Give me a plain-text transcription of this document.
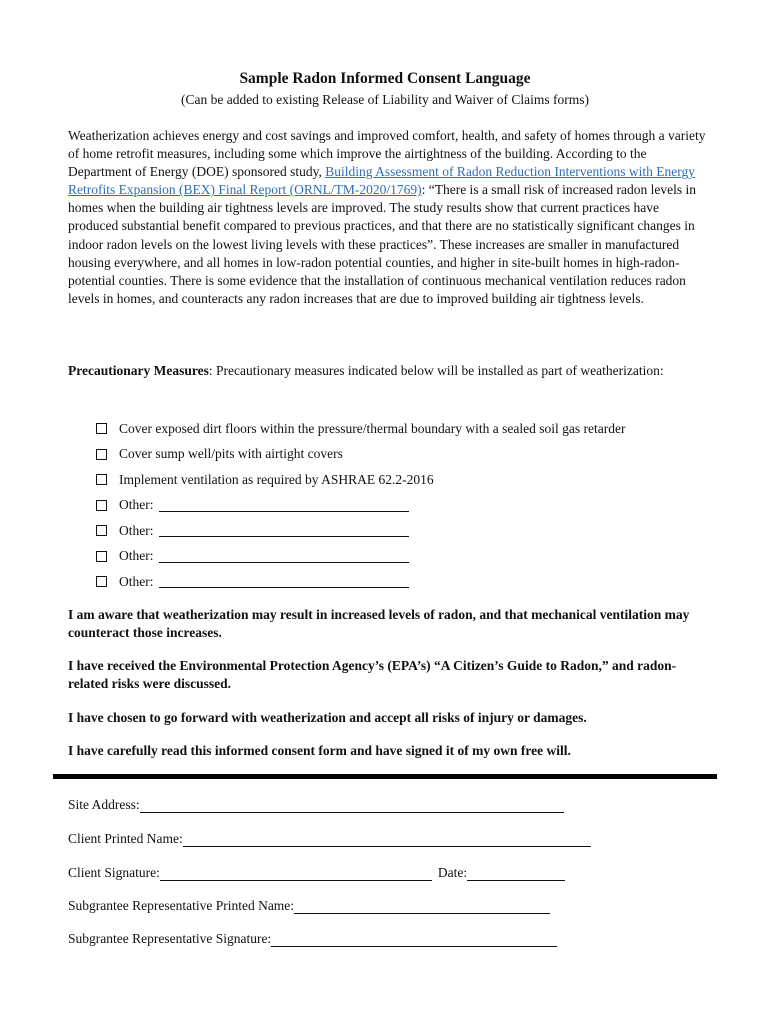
Sample Radon Informed Consent Language
(Can be added to existing Release of Liability and Waiver of Claims forms)

Weatherization achieves energy and cost savings and improved comfort, health, and safety of homes through a variety of home retrofit measures, including some which improve the airtightness of the building. According to the Department of Energy (DOE) sponsored study, Building Assessment of Radon Reduction Interventions with Energy Retrofits Expansion (BEX) Final Report (ORNL/TM-2020/1769): “There is a small risk of increased radon levels in homes when the building air tightness levels are improved. The study results show that current practices have produced substantial benefit compared to previous practices, and that there are no statistically significant changes in indoor radon levels on the lowest living levels with these practices”. These increases are smaller in manufactured housing everywhere, and all homes in low-radon potential counties, and higher in site-built homes in high-radon-potential counties. There is some evidence that the installation of continuous mechanical ventilation reduces radon levels in homes, and counteracts any radon increases that are due to improved building air tightness levels.

Precautionary Measures: Precautionary measures indicated below will be installed as part of weatherization:

Cover exposed dirt floors within the pressure/thermal boundary with a sealed soil gas retarder
Cover sump well/pits with airtight covers
Implement ventilation as required by ASHRAE 62.2-2016
Other:
Other:
Other:
Other:

I am aware that weatherization may result in increased levels of radon, and that mechanical ventilation may counteract those increases.

I have received the Environmental Protection Agency’s (EPA’s) “A Citizen’s Guide to Radon,” and radon-related risks were discussed.

I have chosen to go forward with weatherization and accept all risks of injury or damages.

I have carefully read this informed consent form and have signed it of my own free will.

Site Address:
Client Printed Name:
Client Signature:	Date:
Subgrantee Representative Printed Name:
Subgrantee Representative Signature:
